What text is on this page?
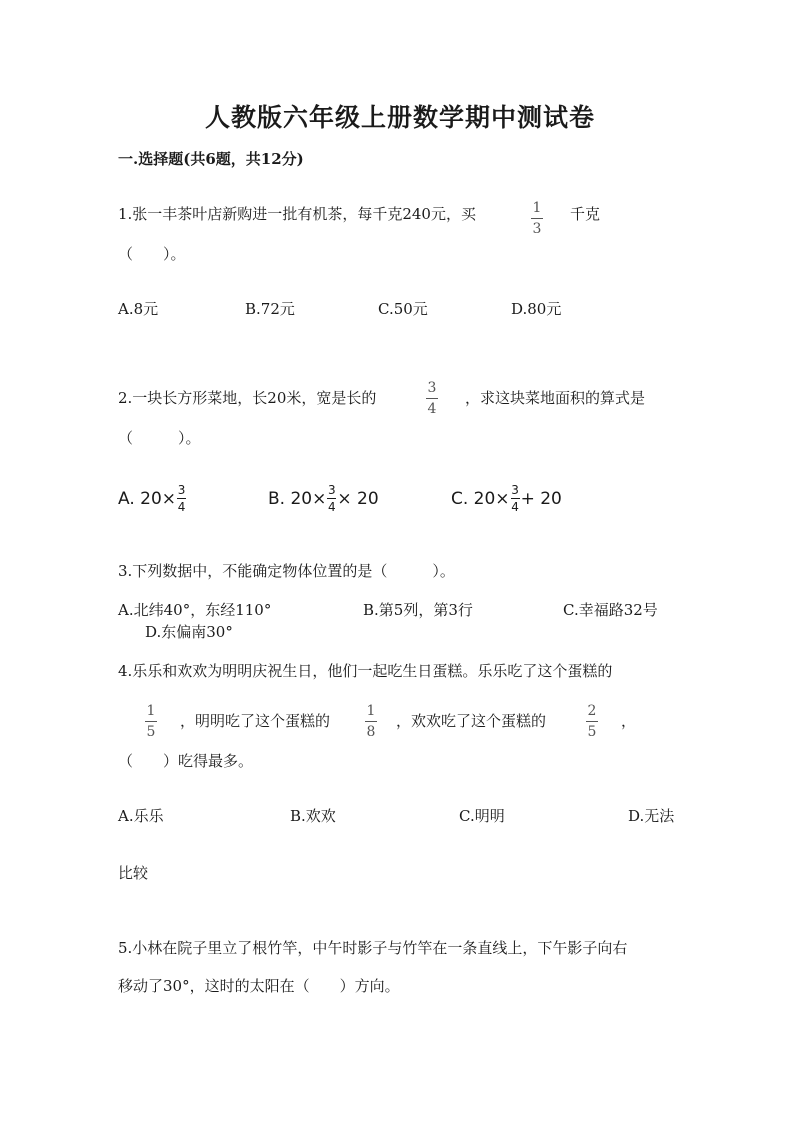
人教版六年级上册数学期中测试卷
一.选择题(共6题，共12分)
1.张一丰茶叶店新购进一批有机茶，每千克240元，买	1
3
千克
（　　）。
A.8元	B.72元	C.50元	D.80元
2.一块长方形菜地，长20米，宽是长的
3
4
，求这块菜地面积的算式是
（　　　）。
A. 20× 3
4	B. 20× 3
4 × 20	C. 20× 3
4 + 20
3.下列数据中，不能确定物体位置的是（　　　）。
A.北纬40°，东经110°	B.第5列，第3行	C.幸福路32号
D.东偏南30°
4.乐乐和欢欢为明明庆祝生日，他们一起吃生日蛋糕。乐乐吃了这个蛋糕的
1
5
，明明吃了这个蛋糕的
1
8
，欢欢吃了这个蛋糕的
2
5
，
（　　）吃得最多。
A.乐乐	B.欢欢	C.明明	D.无法
比较
5.小林在院子里立了根竹竿，中午时影子与竹竿在一条直线上，下午影子向右
移动了30°，这时的太阳在（　　）方向。
